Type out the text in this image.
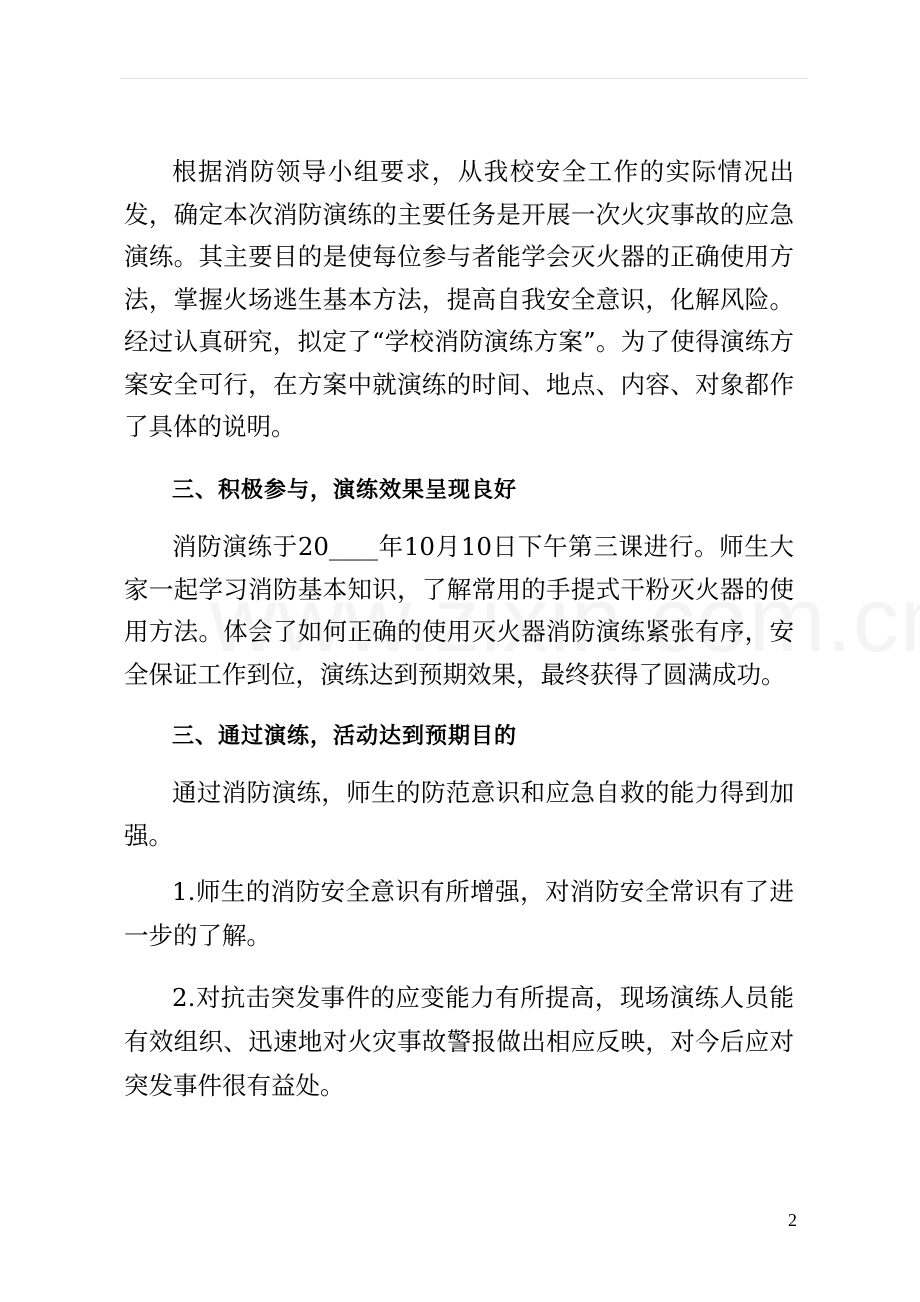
根据消防领导小组要求，从我校安全工作的实际情况出发，确定本次消防演练的主要任务是开展一次火灾事故的应急演练。其主要目的是使每位参与者能学会灭火器的正确使用方法，掌握火场逃生基本方法，提高自我安全意识，化解风险。经过认真研究，拟定了“学校消防演练方案”。为了使得演练方案安全可行，在方案中就演练的时间、地点、内容、对象都作了具体的说明。

三、积极参与，演练效果呈现良好

消防演练于20____年10月10日下午第三课进行。师生大家一起学习消防基本知识，了解常用的手提式干粉灭火器的使用方法。体会了如何正确的使用灭火器消防演练紧张有序，安全保证工作到位，演练达到预期效果，最终获得了圆满成功。

三、通过演练，活动达到预期目的

通过消防演练，师生的防范意识和应急自救的能力得到加强。

1.师生的消防安全意识有所增强，对消防安全常识有了进一步的了解。

2.对抗击突发事件的应变能力有所提高，现场演练人员能有效组织、迅速地对火灾事故警报做出相应反映，对今后应对突发事件很有益处。

2
